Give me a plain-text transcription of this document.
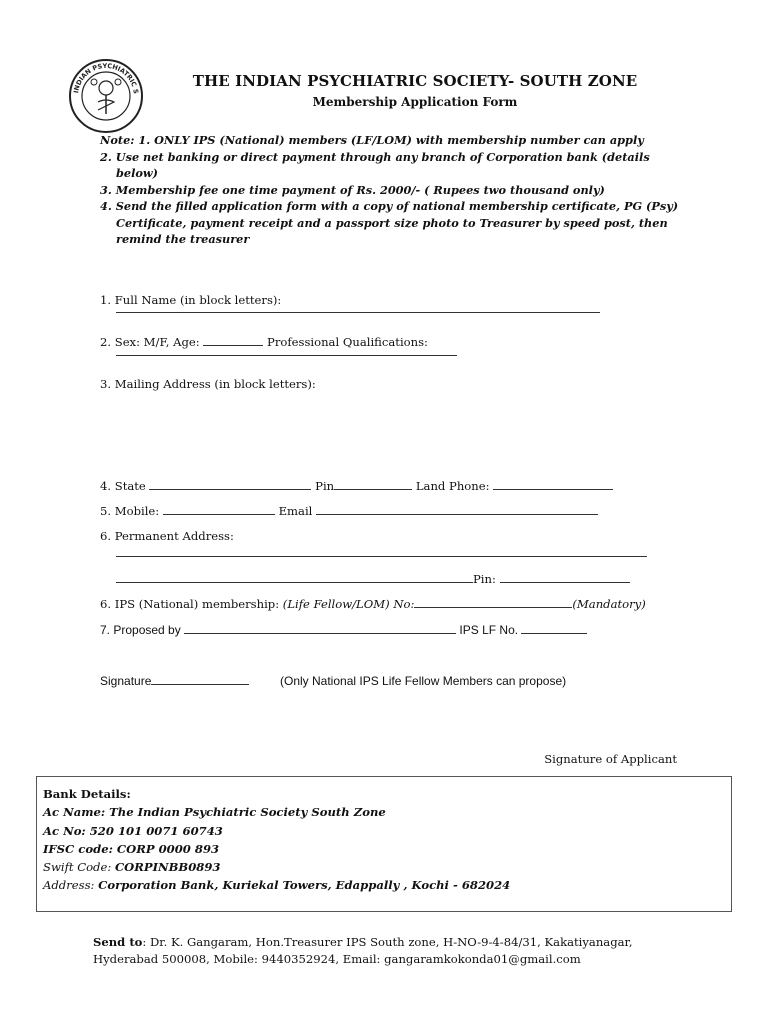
INDIAN PSYCHIATRIC S
THE INDIAN PSYCHIATRIC SOCIETY- SOUTH ZONE
Membership Application Form
Note: 1. ONLY IPS (National) members (LF/LOM) with membership number can apply
2. Use net banking or direct payment through any branch of Corporation bank (details below)
3. Membership fee one time payment of Rs. 2000/- ( Rupees two thousand only)
4. Send the filled application form with a copy of national membership certificate, PG (Psy) Certificate, payment receipt and a passport size photo to Treasurer by speed post, then remind the treasurer
1. Full Name (in block letters):
2. Sex: M/F, Age:	Professional Qualifications:
3. Mailing Address (in block letters):
4. State	Pin	Land Phone:
5. Mobile:	Email
6. Permanent Address:
Pin:
6. IPS (National) membership: (Life Fellow/LOM) No:	(Mandatory)
7. Proposed by	IPS LF No.
Signature	(Only National IPS Life Fellow Members can propose)
Signature of Applicant
Bank Details:
Ac Name: The Indian Psychiatric Society South Zone
Ac No: 520 101 0071 60743
IFSC code: CORP 0000 893
Swift Code: CORPINBB0893
Address: Corporation Bank, Kuriekal Towers, Edappally , Kochi - 682024
Send to: Dr. K. Gangaram, Hon.Treasurer IPS South zone, H-NO-9-4-84/31, Kakatiyanagar, Hyderabad 500008, Mobile: 9440352924, Email: gangaramkokonda01@gmail.com
